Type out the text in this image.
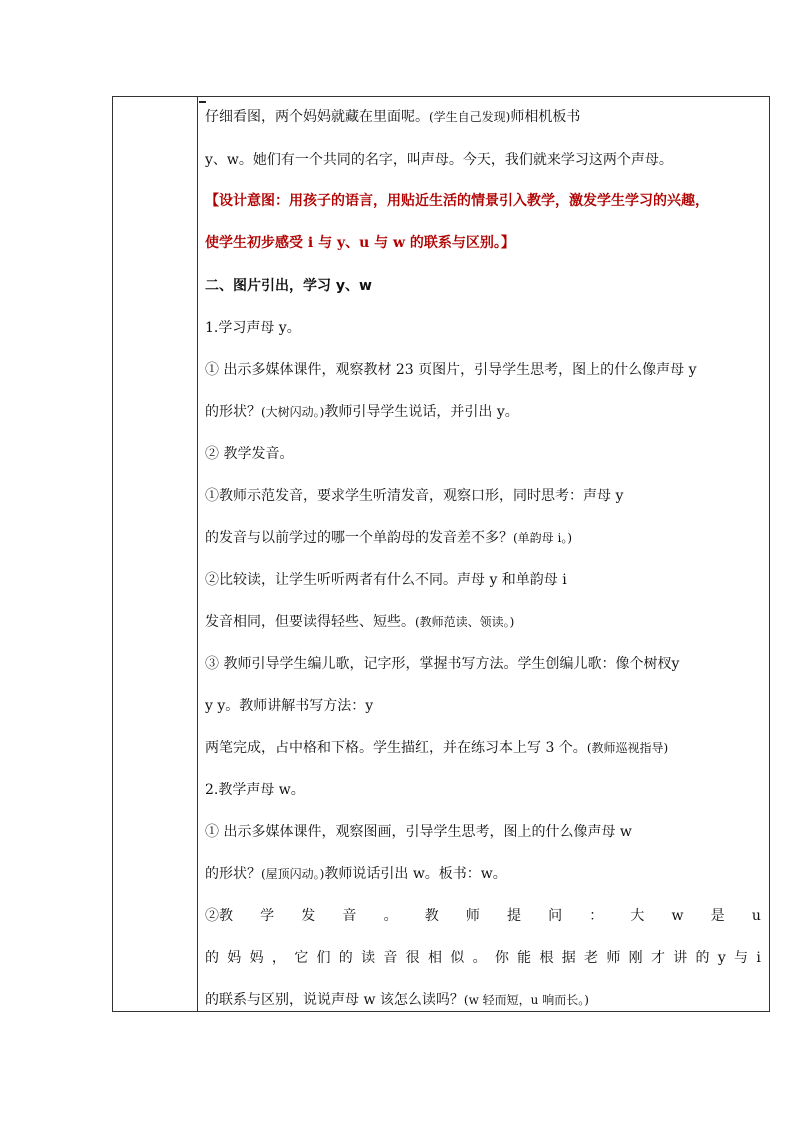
仔细看图，两个妈妈就藏在里面呢。(学生自己发现)师相机板书
y、w。她们有一个共同的名字，叫声母。今天，我们就来学习这两个声母。
【设计意图：用孩子的语言，用贴近生活的情景引入教学，激发学生学习的兴趣，
使学生初步感受 i 与 y、u 与 w 的联系与区别。】
二、图片引出，学习 y、w
1.学习声母 y。
① 出示多媒体课件，观察教材 23 页图片，引导学生思考，图上的什么像声母 y
的形状？(大树闪动。)教师引导学生说话，并引出 y。
② 教学发音。
①教师示范发音，要求学生听清发音，观察口形，同时思考：声母 y
的发音与以前学过的哪一个单韵母的发音差不多？(单韵母 i。)
②比较读，让学生听听两者有什么不同。声母 y 和单韵母 i
发音相同，但要读得轻些、短些。(教师范读、领读。)
③ 教师引导学生编儿歌，记字形，掌握书写方法。学生创编儿歌：像个树杈y
y y。教师讲解书写方法：y
两笔完成，占中格和下格。学生描红，并在练习本上写 3 个。(教师巡视指导)
2.教学声母 w。
① 出示多媒体课件，观察图画，引导学生思考，图上的什么像声母 w
的形状？(屋顶闪动。)教师说话引出 w。板书：w。
②教 学 发 音 。 教 师 提 问 ： 大 w 是 u
的 妈 妈 ， 它 们 的 读 音 很 相 似 。 你 能 根 据 老 师 刚 才 讲 的 y 与 i
的联系与区别，说说声母 w 该怎么读吗？(w 轻而短，u 响而长。)
